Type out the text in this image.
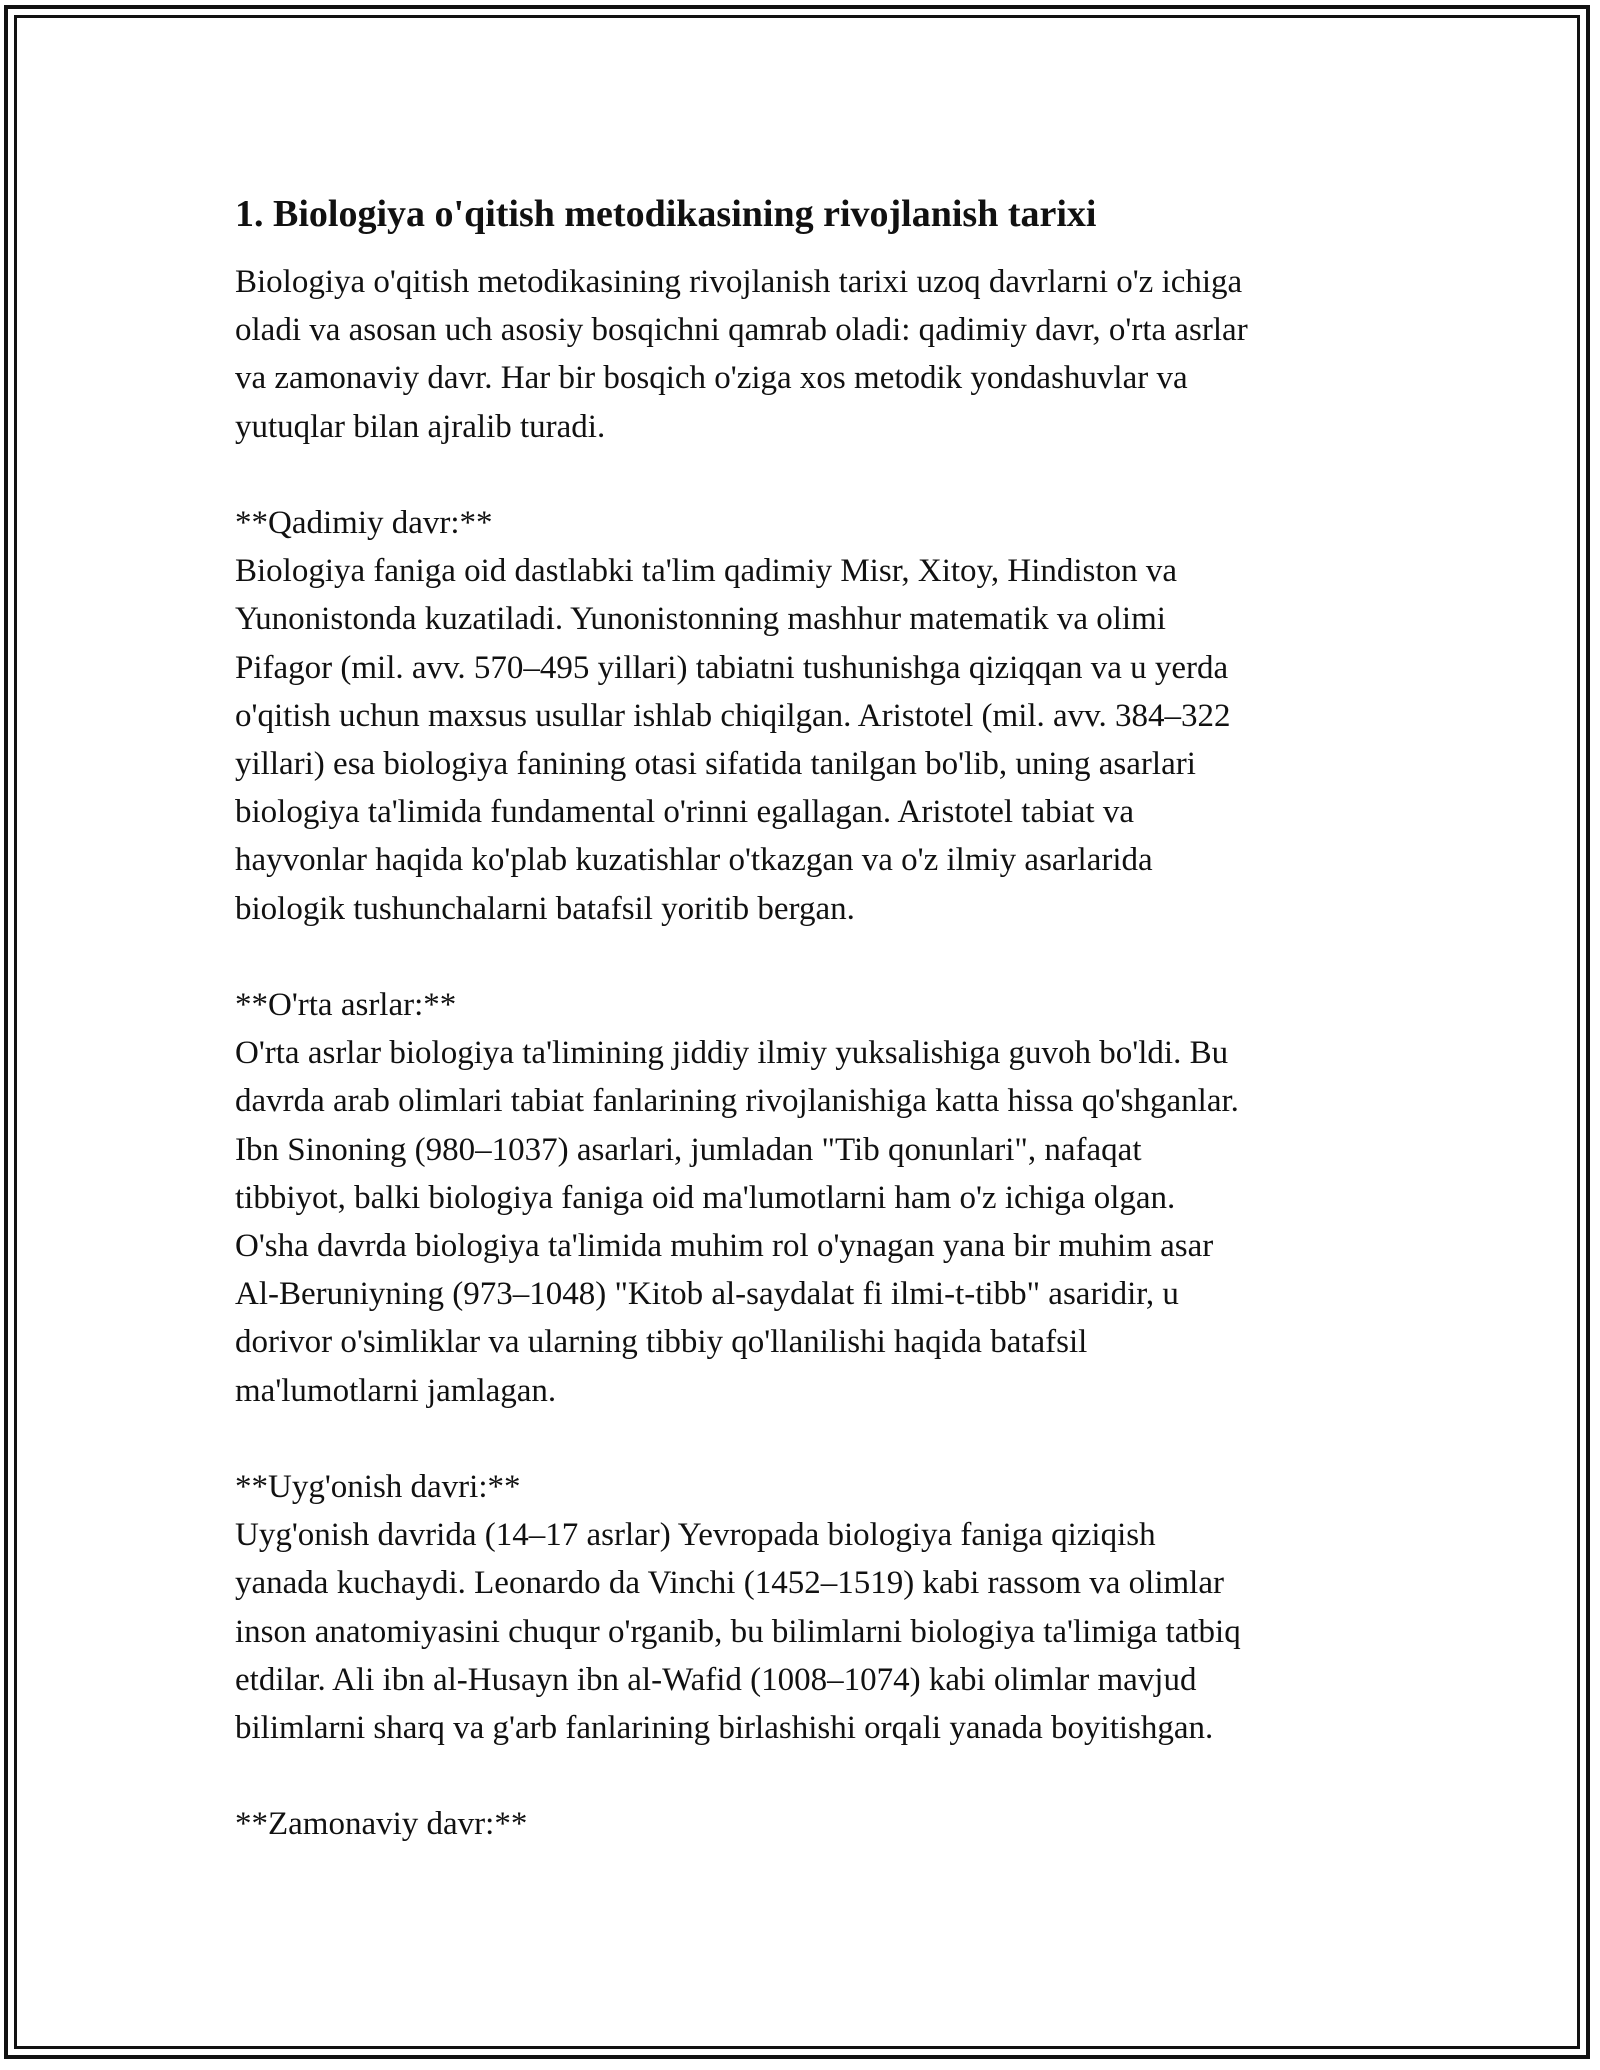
1. Biologiya o'qitish metodikasining rivojlanish tarixi

Biologiya o'qitish metodikasining rivojlanish tarixi uzoq davrlarni o'z ichiga
oladi va asosan uch asosiy bosqichni qamrab oladi: qadimiy davr, o'rta asrlar
va zamonaviy davr. Har bir bosqich o'ziga xos metodik yondashuvlar va
yutuqlar bilan ajralib turadi.

**Qadimiy davr:**
Biologiya faniga oid dastlabki ta'lim qadimiy Misr, Xitoy, Hindiston va
Yunonistonda kuzatiladi. Yunonistonning mashhur matematik va olimi
Pifagor (mil. avv. 570–495 yillari) tabiatni tushunishga qiziqqan va u yerda
o'qitish uchun maxsus usullar ishlab chiqilgan. Aristotel (mil. avv. 384–322
yillari) esa biologiya fanining otasi sifatida tanilgan bo'lib, uning asarlari
biologiya ta'limida fundamental o'rinni egallagan. Aristotel tabiat va
hayvonlar haqida ko'plab kuzatishlar o'tkazgan va o'z ilmiy asarlarida
biologik tushunchalarni batafsil yoritib bergan.
**O'rta asrlar:**
O'rta asrlar biologiya ta'limining jiddiy ilmiy yuksalishiga guvoh bo'ldi. Bu
davrda arab olimlari tabiat fanlarining rivojlanishiga katta hissa qo'shganlar.
Ibn Sinoning (980–1037) asarlari, jumladan "Tib qonunlari", nafaqat
tibbiyot, balki biologiya faniga oid ma'lumotlarni ham o'z ichiga olgan.
O'sha davrda biologiya ta'limida muhim rol o'ynagan yana bir muhim asar
Al-Beruniyning (973–1048) "Kitob al-saydalat fi ilmi-t-tibb" asaridir, u
dorivor o'simliklar va ularning tibbiy qo'llanilishi haqida batafsil
ma'lumotlarni jamlagan.
**Uyg'onish davri:**
Uyg'onish davrida (14–17 asrlar) Yevropada biologiya faniga qiziqish
yanada kuchaydi. Leonardo da Vinchi (1452–1519) kabi rassom va olimlar
inson anatomiyasini chuqur o'rganib, bu bilimlarni biologiya ta'limiga tatbiq
etdilar. Ali ibn al-Husayn ibn al-Wafid (1008–1074) kabi olimlar mavjud
bilimlarni sharq va g'arb fanlarining birlashishi orqali yanada boyitishgan.
**Zamonaviy davr:**
